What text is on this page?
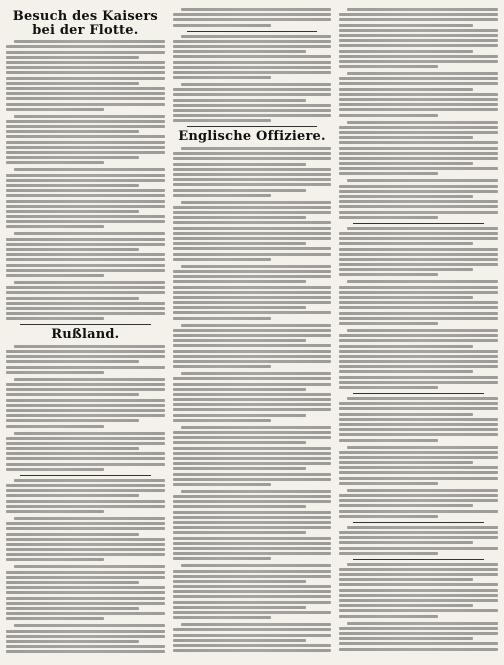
Besuch des Kaisers bei der Flotte.
Rußland.
Englische Offiziere.
